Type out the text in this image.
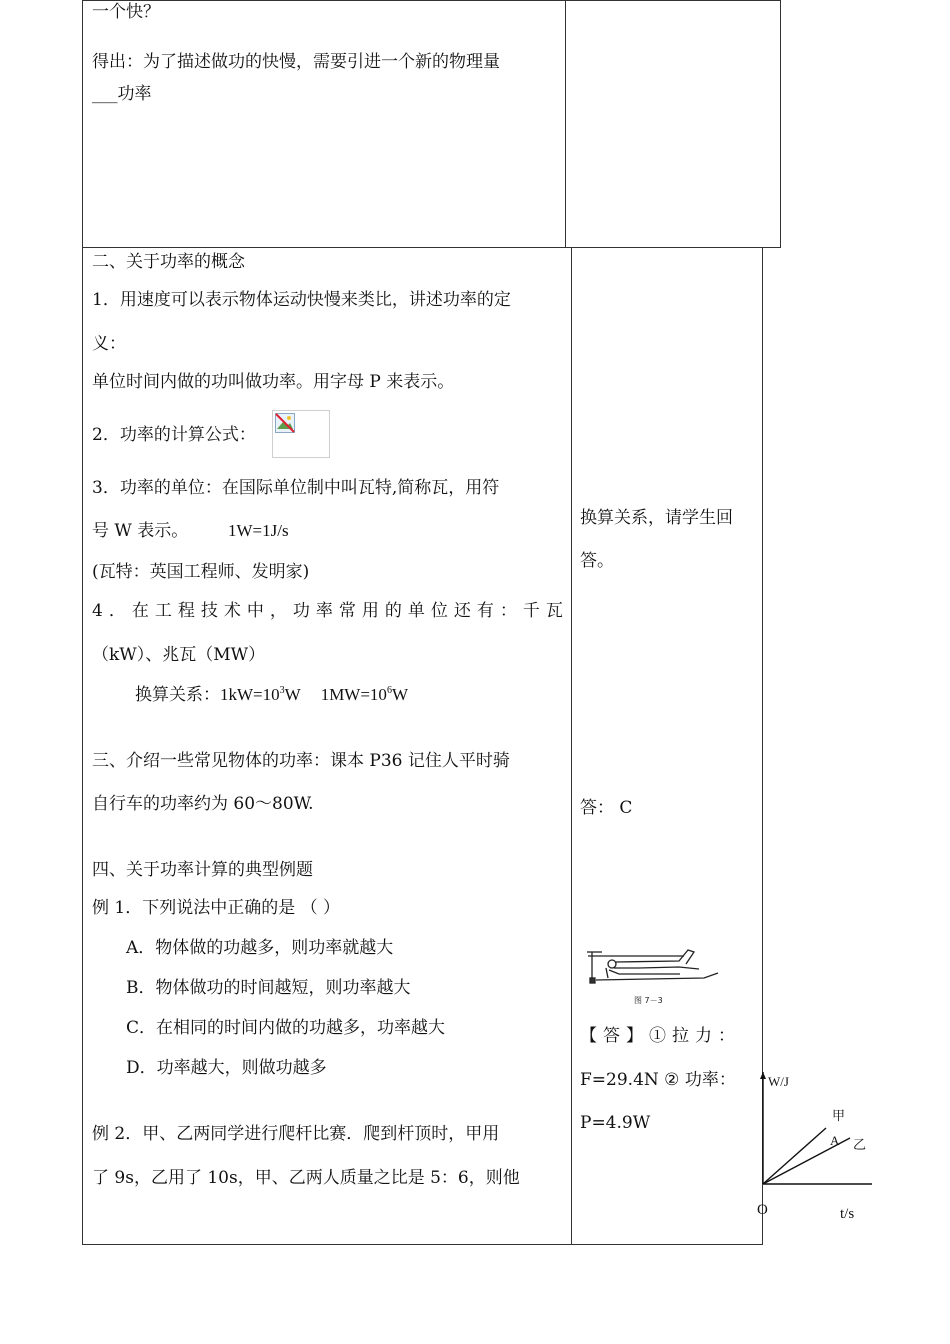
一个快？
得出：为了描述做功的快慢，需要引进一个新的物理量
___功率
二、关于功率的概念
1．用速度可以表示物体运动快慢来类比，讲述功率的定
义：
单位时间内做的功叫做功率。用字母 P 来表示。
2．功率的计算公式：
3．功率的单位：在国际单位制中叫瓦特,简称瓦，用符
号 W 表示。 1W=1J/s
(瓦特：英国工程师、发明家)
4．在工程技术中，功率常用的单位还有：千瓦
（kW）、兆瓦（MW）
换算关系：$1kW=10^3W$ $1MW=10^6W$
三、介绍一些常见物体的功率：课本 P36 记住人平时骑
自行车的功率约为 60～80W.
四、关于功率计算的典型例题
例 1．下列说法中正确的是 （ ）
A．物体做的功越多，则功率就越大
B．物体做功的时间越短，则功率越大
C．在相同的时间内做的功越多，功率越大
D．功率越大，则做功越多
例 2．甲、乙两同学进行爬杆比赛．爬到杆顶时，甲用
了 9s，乙用了 10s，甲、乙两人质量之比是 5：6，则他
换算关系，请学生回
答。
答： C
图 7－3
【答】①拉力：
F=29.4N ② 功率：
P=4.9W
W/J
甲
A 乙
O	t/s
